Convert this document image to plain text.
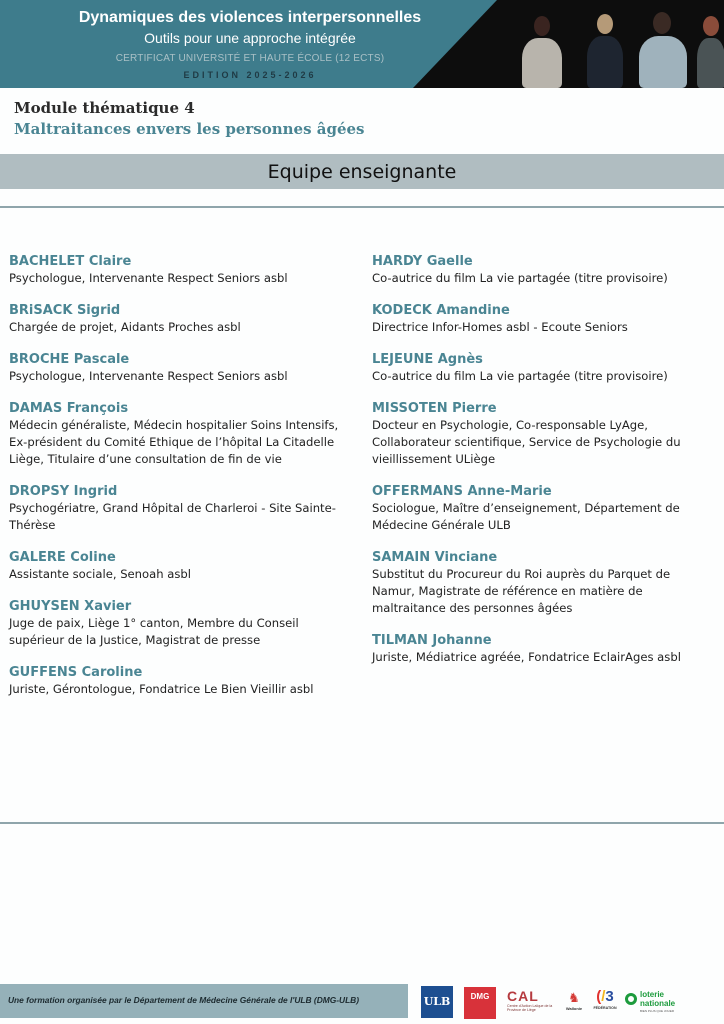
Dynamiques des violences interpersonnelles
Outils pour une approche intégrée
CERTIFICAT UNIVERSITÉ ET HAUTE ÉCOLE (12 ECTS)
EDITION 2025-2026
Module thématique 4
Maltraitances envers les personnes âgées
Equipe enseignante
BACHELET Claire
Psychologue, Intervenante Respect Seniors asbl
BRiSACK Sigrid
Chargée de projet, Aidants Proches asbl
BROCHE Pascale
Psychologue, Intervenante Respect Seniors asbl
DAMAS François
Médecin généraliste, Médecin hospitalier Soins Intensifs,
Ex-président du Comité Ethique de l’hôpital La Citadelle
Liège, Titulaire d’une consultation de fin de vie
DROPSY Ingrid
Psychogériatre, Grand Hôpital de Charleroi - Site Sainte-
Thérèse
GALERE Coline
Assistante sociale, Senoah asbl
GHUYSEN Xavier
Juge de paix, Liège 1° canton, Membre du Conseil
supérieur de la Justice, Magistrat de presse
GUFFENS Caroline
Juriste, Gérontologue, Fondatrice Le Bien Vieillir asbl
HARDY Gaelle
Co-autrice du film La vie partagée (titre provisoire)
KODECK Amandine
Directrice Infor-Homes asbl - Ecoute Seniors
LEJEUNE Agnès
Co-autrice du film La vie partagée (titre provisoire)
MISSOTEN Pierre
Docteur en Psychologie, Co-responsable LyAge,
Collaborateur scientifique, Service de Psychologie du
vieillissement ULiège
OFFERMANS Anne-Marie
Sociologue, Maître d’enseignement, Département de
Médecine Générale ULB
SAMAIN Vinciane
Substitut du Procureur du Roi auprès du Parquet de
Namur, Magistrate de référence en matière de
maltraitance des personnes âgées
TILMAN Johanne
Juriste, Médiatrice agréée, Fondatrice EclairAges asbl
Une formation organisée par le Département de Médecine Générale de l'ULB (DMG-ULB)	ULB	DMG	CAL
Centre d'Action Laïque de la Province de Liège
♞
Wallonie
(/3
FÉDÉRATION
loterie
nationale
BIEN PLUS QUE JOUER
